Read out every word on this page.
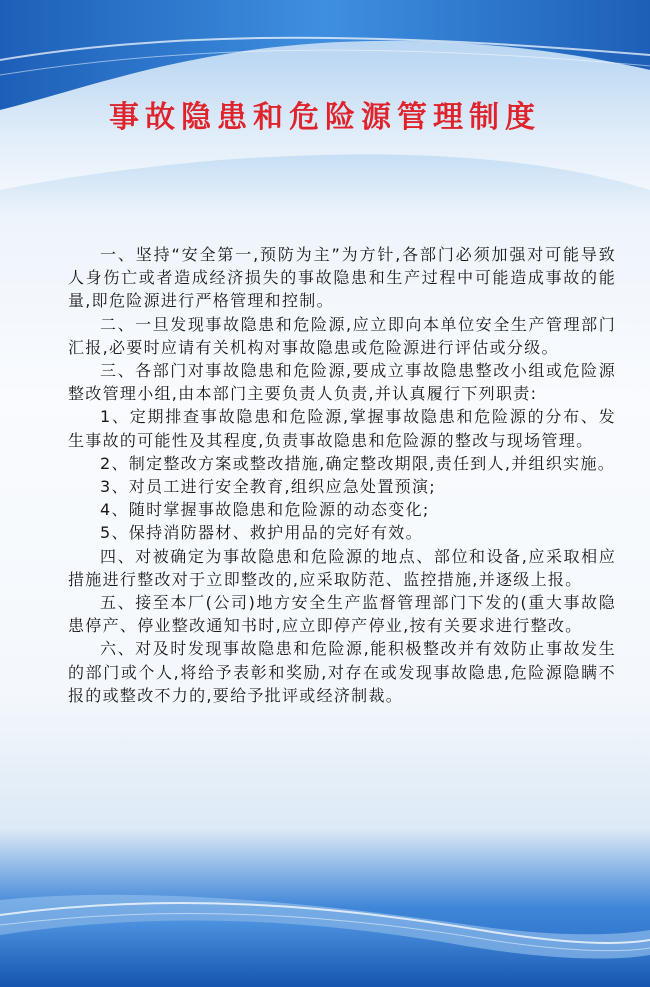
事故隐患和危险源管理制度

一、坚持“安全第一,预防为主”为方针,各部门必须加强对可能导致人身伤亡或者造成经济损失的事故隐患和生产过程中可能造成事故的能量,即危险源进行严格管理和控制。

二、一旦发现事故隐患和危险源,应立即向本单位安全生产管理部门汇报,必要时应请有关机构对事故隐患或危险源进行评估或分级。

三、各部门对事故隐患和危险源,要成立事故隐患整改小组或危险源整改管理小组,由本部门主要负责人负责,并认真履行下列职责:

1、定期排查事故隐患和危险源,掌握事故隐患和危险源的分布、发生事故的可能性及其程度,负责事故隐患和危险源的整改与现场管理。

2、制定整改方案或整改措施,确定整改期限,责任到人,并组织实施。

3、对员工进行安全教育,组织应急处置预演;

4、随时掌握事故隐患和危险源的动态变化;

5、保持消防器材、救护用品的完好有效。

四、对被确定为事故隐患和危险源的地点、部位和设备,应采取相应措施进行整改对于立即整改的,应采取防范、监控措施,并逐级上报。

五、接至本厂(公司)地方安全生产监督管理部门下发的(重大事故隐患停产、停业整改通知书时,应立即停产停业,按有关要求进行整改。

六、对及时发现事故隐患和危险源,能积极整改并有效防止事故发生的部门或个人,将给予表彰和奖励,对存在或发现事故隐患,危险源隐瞒不报的或整改不力的,要给予批评或经济制裁。
